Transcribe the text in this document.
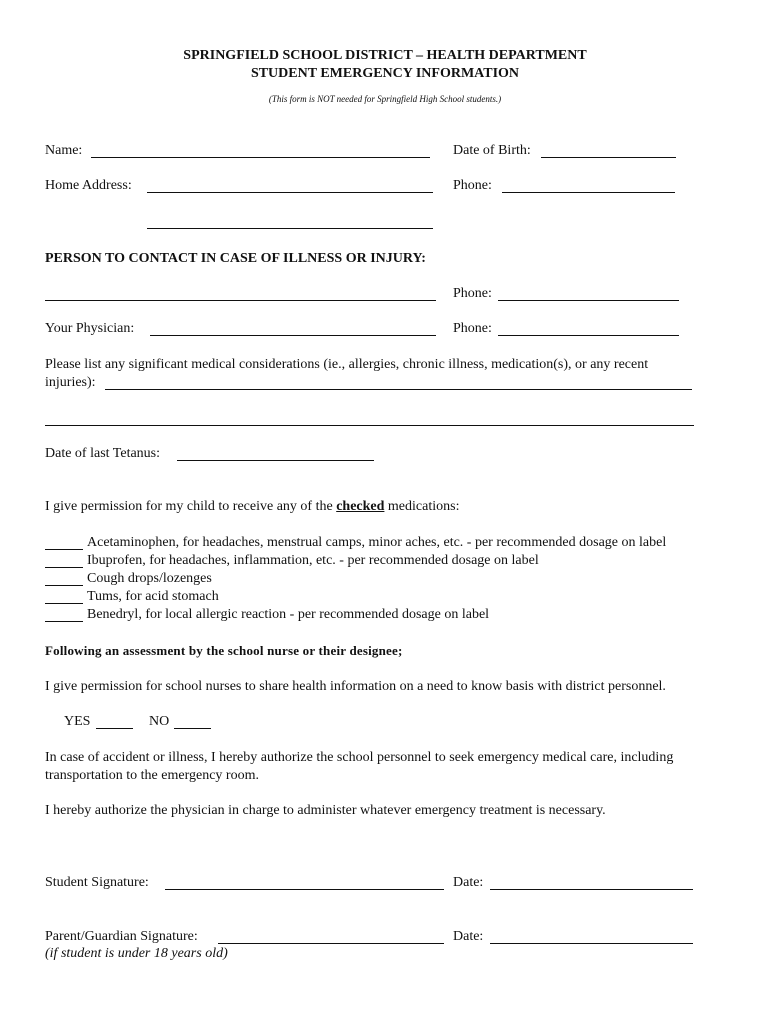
SPRINGFIELD SCHOOL DISTRICT – HEALTH DEPARTMENT
STUDENT EMERGENCY INFORMATION
(This form is NOT needed for Springfield High School students.)
Name:	Date of Birth:
Home Address:	Phone:
PERSON TO CONTACT IN CASE OF ILLNESS OR INJURY:
Phone:
Your Physician:	Phone:
Please list any significant medical considerations (ie., allergies, chronic illness, medication(s), or any recent
injuries):
Date of last Tetanus:
I give permission for my child to receive any of the checked medications:
Acetaminophen, for headaches, menstrual camps, minor aches, etc. - per recommended dosage on label
Ibuprofen, for headaches, inflammation, etc. - per recommended dosage on label
Cough drops/lozenges
Tums, for acid stomach
Benedryl, for local allergic reaction - per recommended dosage on label
Following an assessment by the school nurse or their designee;
I give permission for school nurses to share health information on a need to know basis with district personnel.
YES	NO
In case of accident or illness, I hereby authorize the school personnel to seek emergency medical care, including
transportation to the emergency room.
I hereby authorize the physician in charge to administer whatever emergency treatment is necessary.
Student Signature:	Date:
Parent/Guardian Signature:	Date:
(if student is under 18 years old)
